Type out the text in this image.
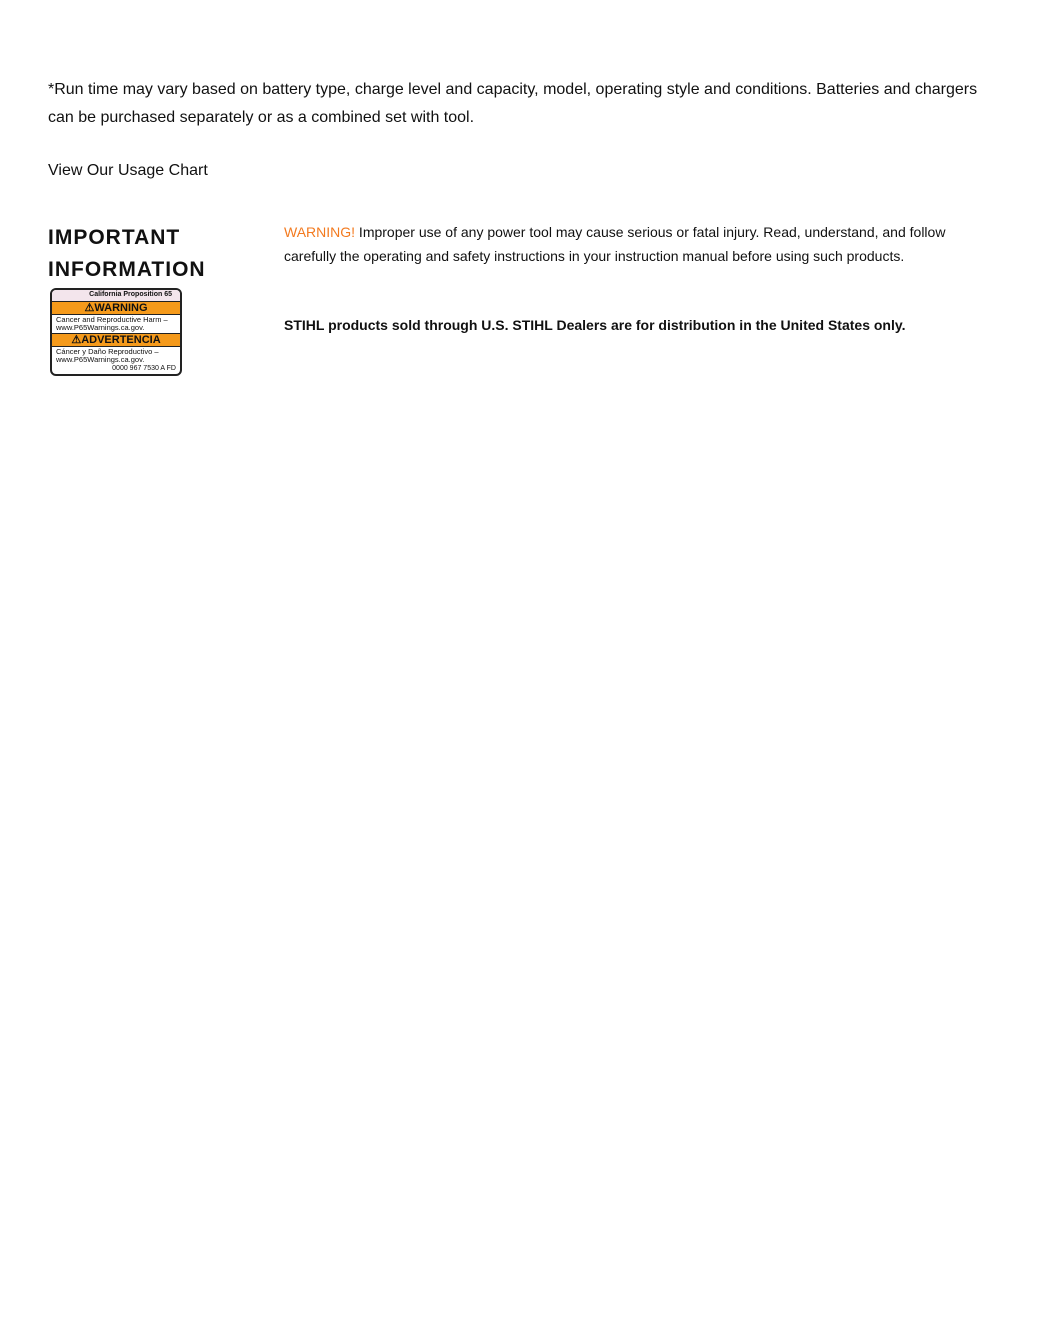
*Run time may vary based on battery type, charge level and capacity, model, operating style and conditions. Batteries and chargers can be purchased separately or as a combined set with tool.
View Our Usage Chart
IMPORTANT
INFORMATION
California Proposition 65
⚠WARNING
Cancer and Reproductive Harm – www.P65Warnings.ca.gov.
⚠ADVERTENCIA
Cáncer y Daño Reproductivo – www.P65Warnings.ca.gov.
0000 967 7530 A FD
WARNING! Improper use of any power tool may cause serious or fatal injury. Read, understand, and follow carefully the operating and safety instructions in your instruction manual before using such products.
STIHL products sold through U.S. STIHL Dealers are for distribution in the United States only.
